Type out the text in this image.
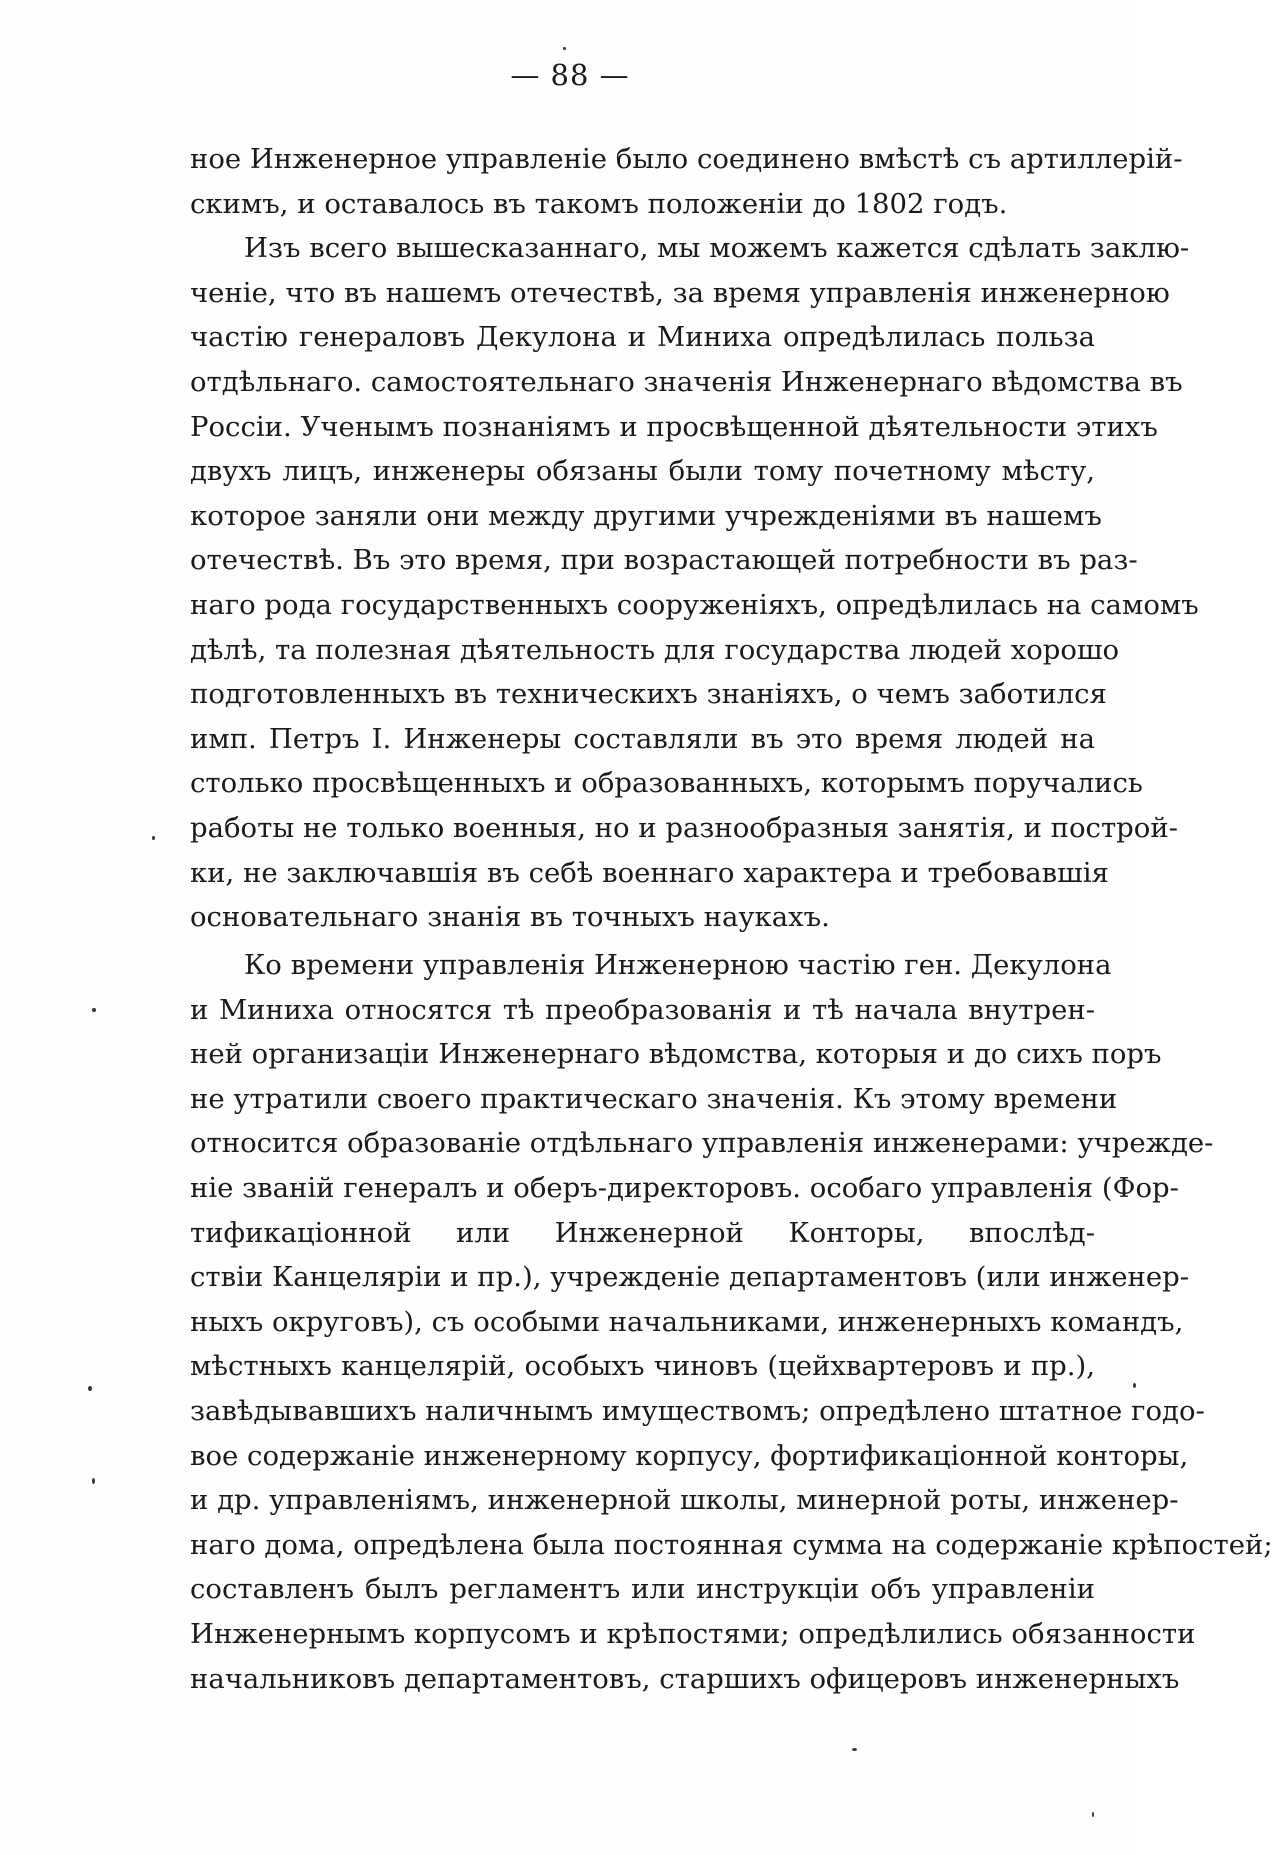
— 88 —
ное Инженерное управленіе было соединено вмѣстѣ съ артиллерій-
скимъ, и оставалось въ такомъ положеніи до 1802 годъ.
Изъ всего вышесказаннаго, мы можемъ кажется сдѣлать заклю-
ченіе, что въ нашемъ отечествѣ, за время управленія инженерною
частію генераловъ Декулона и Миниха опредѣлилась польза
отдѣльнаго. самостоятельнаго значенія Инженернаго вѣдомства въ
Россіи. Ученымъ познаніямъ и просвѣщенной дѣятельности этихъ
двухъ лицъ, инженеры обязаны были тому почетному мѣсту,
которое заняли они между другими учрежденіями въ нашемъ
отечествѣ. Въ это время, при возрастающей потребности въ раз-
наго рода государственныхъ сооруженіяхъ, опредѣлилась на самомъ
дѣлѣ, та полезная дѣятельность для государства людей хорошо
подготовленныхъ въ техническихъ знаніяхъ, о чемъ заботился
имп. Петръ I. Инженеры составляли въ это время людей на
столько просвѣщенныхъ и образованныхъ, которымъ поручались
работы не только военныя, но и разнообразныя занятія, и построй-
ки, не заключавшія въ себѣ военнаго характера и требовавшія
основательнаго знанія въ точныхъ наукахъ.
Ко времени управленія Инженерною частію ген. Декулона
и Миниха относятся тѣ преобразованія и тѣ начала внутрен-
ней организаціи Инженернаго вѣдомства, которыя и до сихъ поръ
не утратили своего практическаго значенія. Къ этому времени
относится образованіе отдѣльнаго управленія инженерами: учрежде-
ніе званій генералъ и оберъ-директоровъ. особаго управленія (Фор-
тификаціонной или Инженерной Конторы, впослѣд-
ствіи Канцеляріи и пр.), учрежденіе департаментовъ (или инженер-
ныхъ округовъ), съ особыми начальниками, инженерныхъ командъ,
мѣстныхъ канцелярій, особыхъ чиновъ (цейхвартеровъ и пр.),
завѣдывавшихъ наличнымъ имуществомъ; опредѣлено штатное годо-
вое содержаніе инженерному корпусу, фортификаціонной конторы,
и др. управленіямъ, инженерной школы, минерной роты, инженер-
наго дома, опредѣлена была постоянная сумма на содержаніе крѣпостей;
составленъ былъ регламентъ или инструкціи объ управленіи
Инженернымъ корпусомъ и крѣпостями; опредѣлились обязанности
начальниковъ департаментовъ, старшихъ офицеровъ инженерныхъ
